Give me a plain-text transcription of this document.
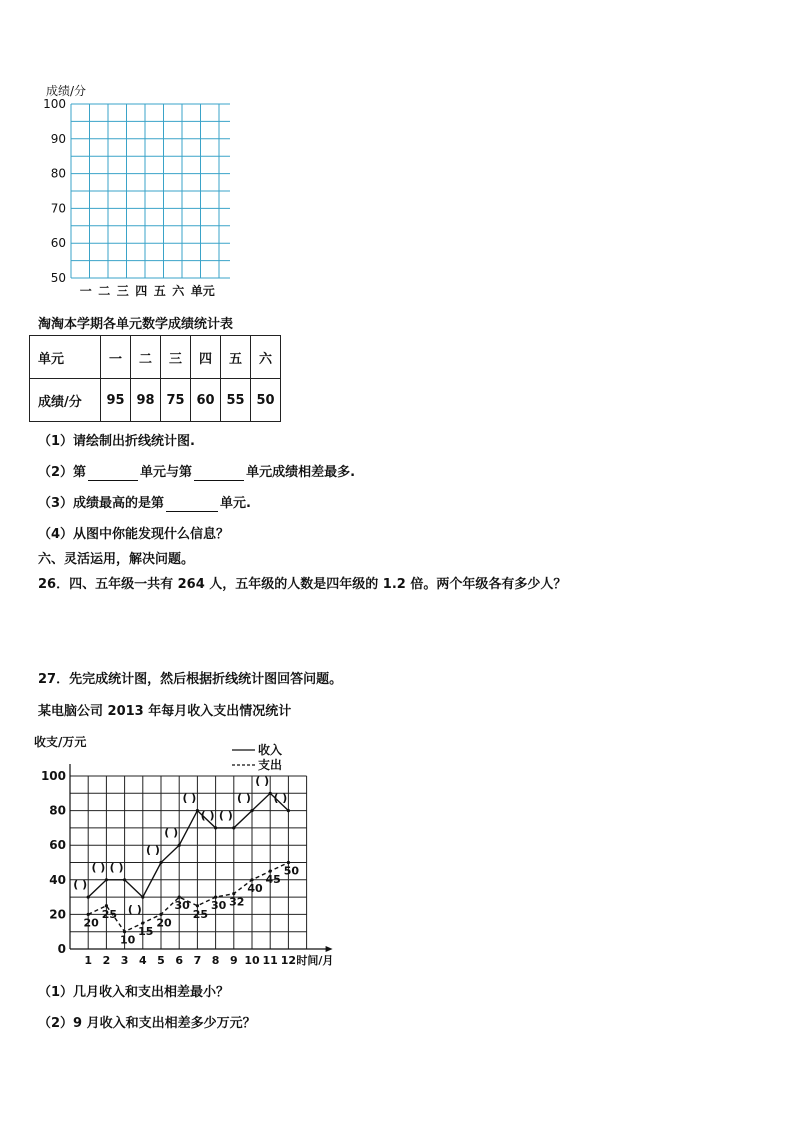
成绩/分
100
90
80
70
60
50
一 二 三 四 五 六 单元
淘淘本学期各单元数学成绩统计表
单元	一	二	三	四	五	六
成绩/分	95	98	75	60	55	50
（1）请绘制出折线统计图.
（2）第	单元与第	单元成绩相差最多.
（3）成绩最高的是第	单元.
（4）从图中你能发现什么信息？
六、灵活运用，解决问题。
26．四、五年级一共有 264 人，五年级的人数是四年级的 1.2 倍。两个年级各有多少人？
27．先完成统计图，然后根据折线统计图回答问题。
某电脑公司 2013 年每月收入支出情况统计
收支/万元
0
20
40
60
80
100
1 2 3 4 5 6 7 8 9 10 11 12 时间/月
收入
支出
( )
( ) ( )
( )
( )
( )
( )
( ) ( )
( )
( )
( )
20
25
10
15
20
30
25
30 32
40
45
50
（1）几月收入和支出相差最小？
（2）9 月收入和支出相差多少万元？
